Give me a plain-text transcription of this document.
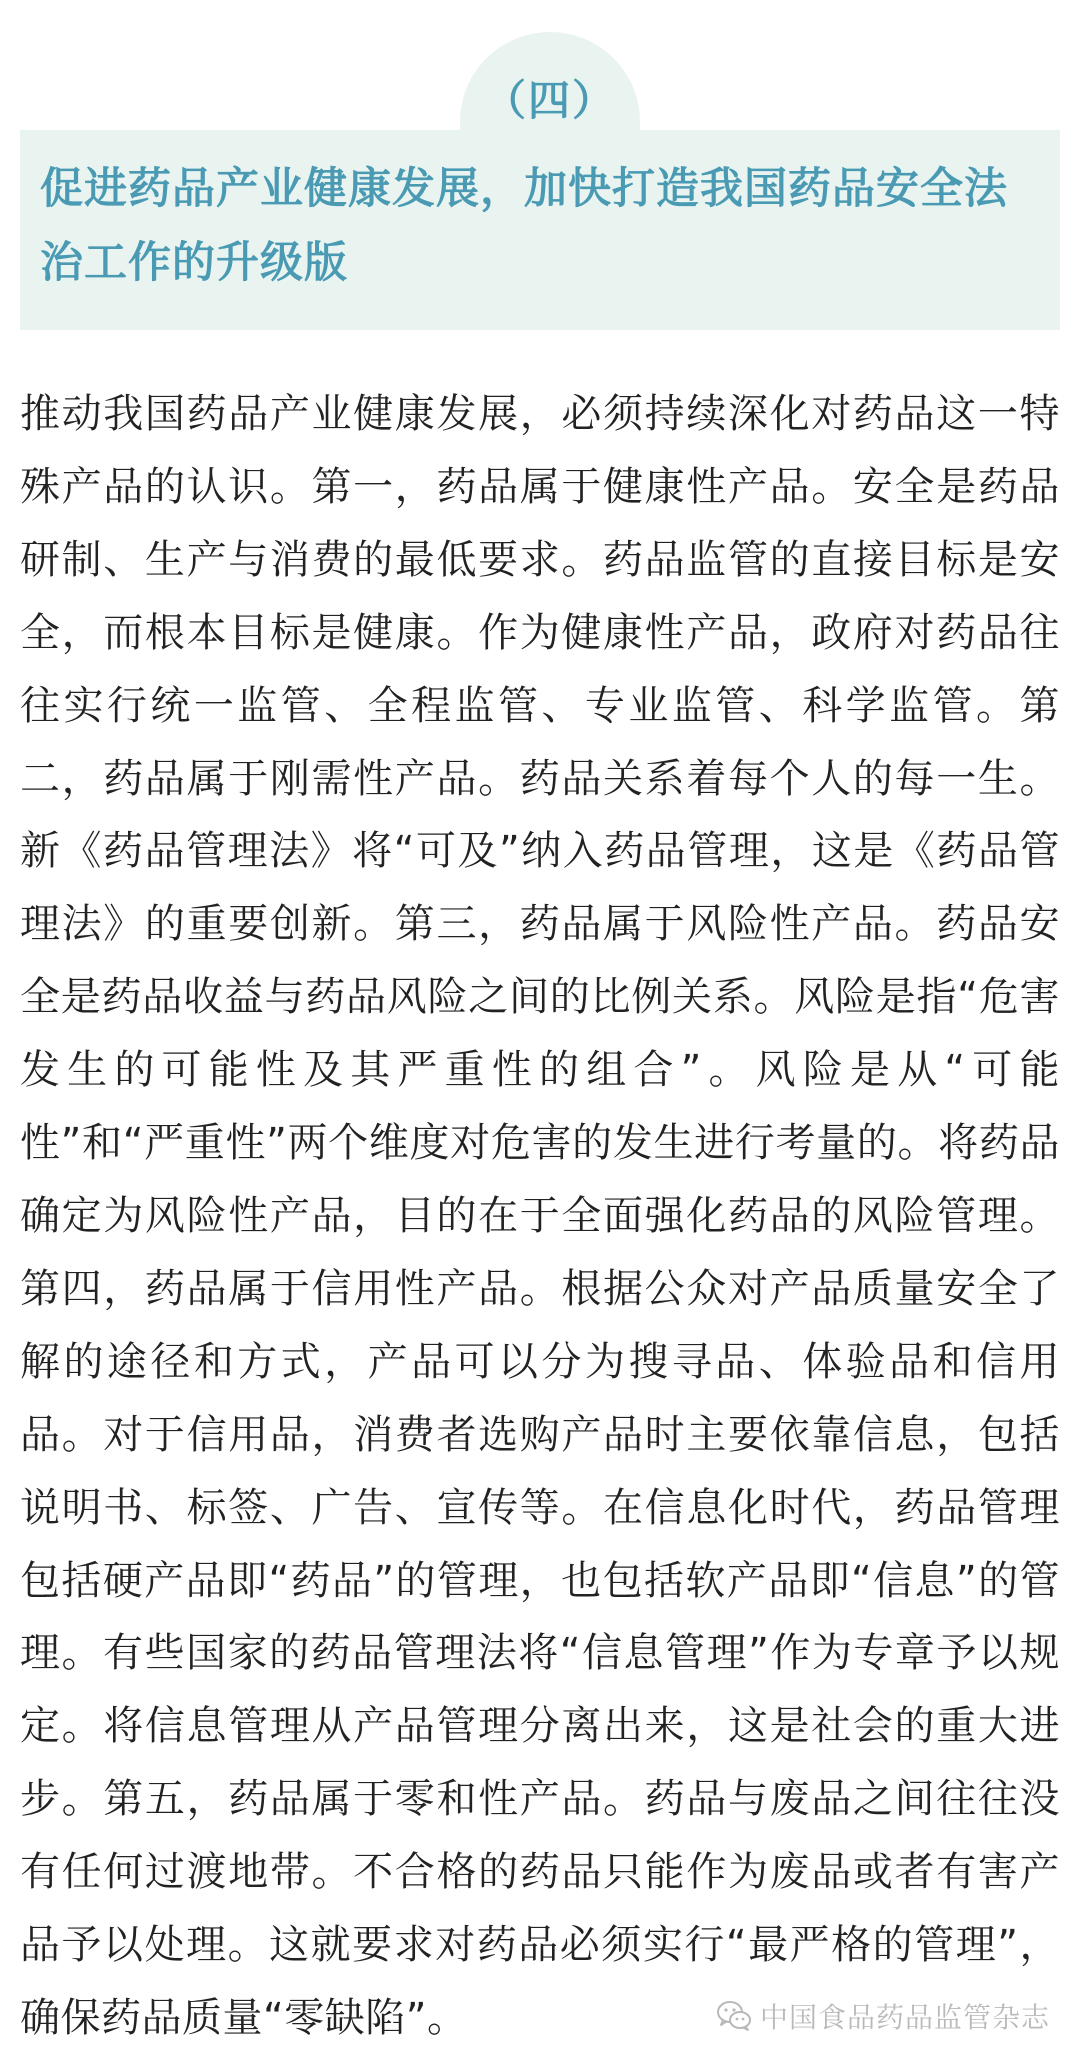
促进药品产业健康发展，加快打造我国药品安全法治工作的升级版
（四）

推动我国药品产业健康发展，必须持续深化对药品这一特殊产品的认识。第一，药品属于健康性产品。安全是药品研制、生产与消费的最低要求。药品监管的直接目标是安全，而根本目标是健康。作为健康性产品，政府对药品往往实行统一监管、全程监管、专业监管、科学监管。第二，药品属于刚需性产品。药品关系着每个人的每一生。新《药品管理法》将“可及”纳入药品管理，这是《药品管理法》的重要创新。第三，药品属于风险性产品。药品安全是药品收益与药品风险之间的比例关系。风险是指“危害发生的可能性及其严重性的组合”。风险是从“可能性”和“严重性”两个维度对危害的发生进行考量的。将药品确定为风险性产品，目的在于全面强化药品的风险管理。第四，药品属于信用性产品。根据公众对产品质量安全了解的途径和方式，产品可以分为搜寻品、体验品和信用品。对于信用品，消费者选购产品时主要依靠信息，包括说明书、标签、广告、宣传等。在信息化时代，药品管理包括硬产品即“药品”的管理，也包括软产品即“信息”的管理。有些国家的药品管理法将“信息管理”作为专章予以规定。将信息管理从产品管理分离出来，这是社会的重大进步。第五，药品属于零和性产品。药品与废品之间往往没有任何过渡地带。不合格的药品只能作为废品或者有害产品予以处理。这就要求对药品必须实行“最严格的管理”，确保药品质量“零缺陷”。	中国食品药品监管杂志
